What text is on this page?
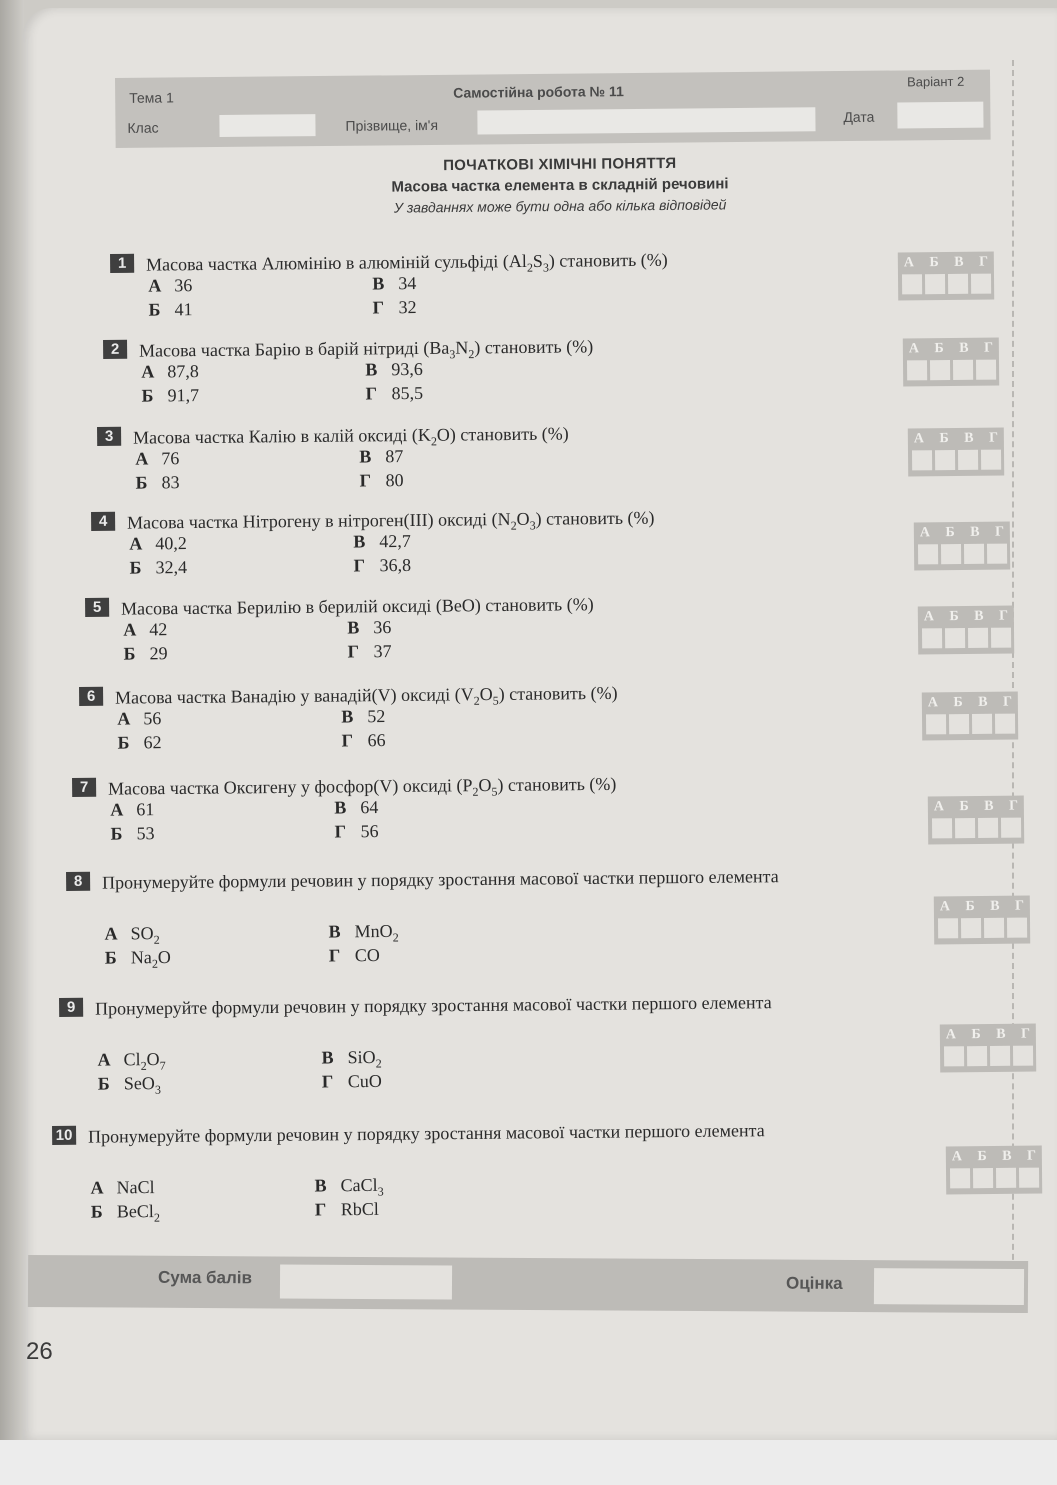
Тема 1	Самостійна робота № 11
Варіант 2
Клас	Прізвище, ім'я
Дата
ПОЧАТКОВІ ХІМІЧНІ ПОНЯТТЯ
Масова частка елемента в складній речовині
У завданнях може бути одна або кілька відповідей
1	Масова частка Алюмінію в алюміній сульфіді $(Al_2S_3)$ становить (%)
А 36
Б 41
В 34
Г 32
А Б В Г
2	Масова частка Барію в барій нітриді $(Ba_3N_2)$ становить (%)
А 87,8
Б 91,7
В 93,6
Г 85,5
А Б В Г
3	Масова частка Калію в калій оксиді $(K_2O)$ становить (%)
А 76
Б 83
В 87
Г 80
А Б В Г
4	Масова частка Нітрогену в нітроген(III) оксиді $(N_2O_3)$ становить (%)
А 40,2
Б 32,4
В 42,7
Г 36,8
А Б В Г
5	Масова частка Берилію в берилій оксиді (BeO) становить (%)
А 42
Б 29
В 36
Г 37
А Б В Г
6	Масова частка Ванадію у ванадій(V) оксиді $(V_2O_5)$ становить (%)
А 56
Б 62
В 52
Г 66
А Б В Г
7	Масова частка Оксигену у фосфор(V) оксиді $(P_2O_5)$ становить (%)
А 61
Б 53
В 64
Г 56
А Б В Г
8	Пронумеруйте формули речовин у порядку зростання масової частки першого елемента
А $SO_2$
Б $Na_2O$
В MnO$_2$
Г CO
А Б В Г
9	Пронумеруйте формули речовин у порядку зростання масової частки першого елемента
А $Cl_2O_7$
Б SeO$_3$
В SiO$_2$
Г CuO
А Б В Г
10 Пронумеруйте формули речовин у порядку зростання масової частки першого елемента
А NaCl
Б BeCl$_2$
В CaCl$_3$
Г RbCl
А Б В Г
Сума балів	Оцінка
26
